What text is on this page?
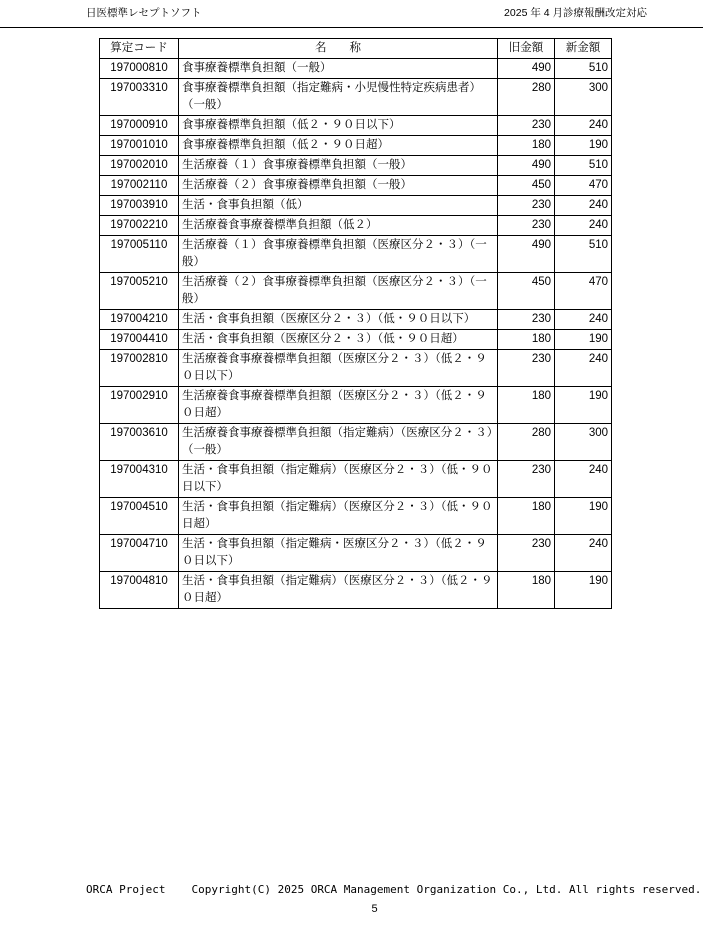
日医標準レセプトソフト	2025 年 4 月診療報酬改定対応
算定コード	名　　称	旧金額	新金額
197000810	食事療養標準負担額（一般）	490	510
197003310	食事療養標準負担額（指定難病・小児慢性特定疾病患者）（一般）	280	300
197000910	食事療養標準負担額（低２・９０日以下）	230	240
197001010	食事療養標準負担額（低２・９０日超）	180	190
197002010	生活療養（１）食事療養標準負担額（一般）	490	510
197002110	生活療養（２）食事療養標準負担額（一般）	450	470
197003910	生活・食事負担額（低）	230	240
197002210	生活療養食事療養標準負担額（低２）	230	240
197005110	生活療養（１）食事療養標準負担額（医療区分２・３）（一般）	490	510
197005210	生活療養（２）食事療養標準負担額（医療区分２・３）（一般）	450	470
197004210	生活・食事負担額（医療区分２・３）（低・９０日以下）	230	240
197004410	生活・食事負担額（医療区分２・３）（低・９０日超）	180	190
197002810	生活療養食事療養標準負担額（医療区分２・３）（低２・９０日以下）	230	240
197002910	生活療養食事療養標準負担額（医療区分２・３）（低２・９０日超）	180	190
197003610	生活療養食事療養標準負担額（指定難病）（医療区分２・３）（一般）	280	300
197004310	生活・食事負担額（指定難病）（医療区分２・３）（低・９０日以下）	230	240
197004510	生活・食事負担額（指定難病）（医療区分２・３）（低・９０日超）	180	190
197004710	生活・食事負担額（指定難病・医療区分２・３）（低２・９０日以下）	230	240
197004810	生活・食事負担額（指定難病）（医療区分２・３）（低２・９０日超）	180	190
ORCA Project Copyright(C) 2025 ORCA Management Organization Co., Ltd. All rights reserved.
5
